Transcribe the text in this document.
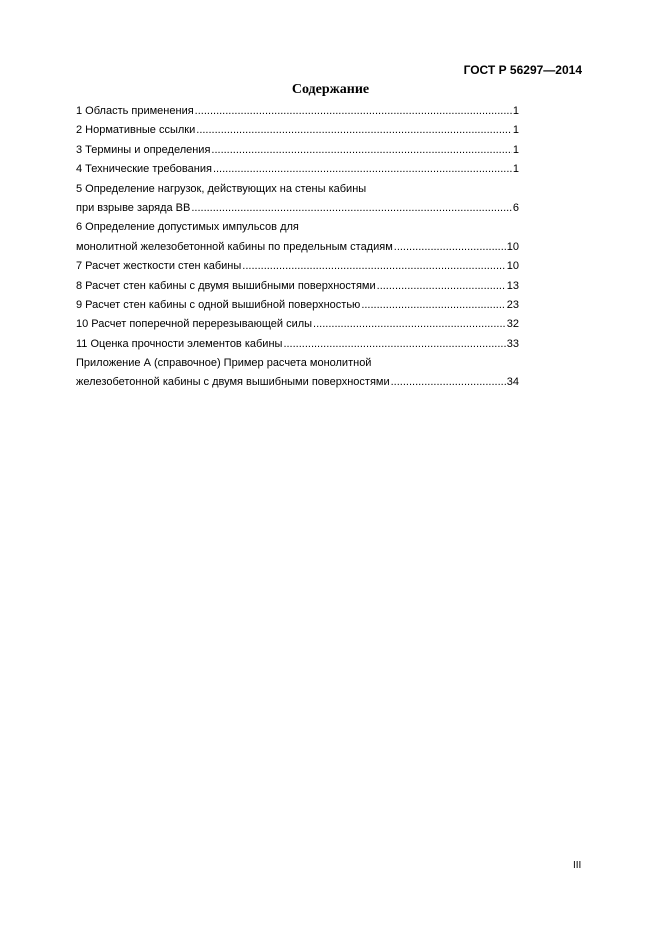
ГОСТ Р 56297—2014
Содержание
1 Область применения .....	1
2 Нормативные ссылки .....	1
3 Термины и определения .....	1
4 Технические требования .....	1
5 Определение нагрузок, действующих на стены кабины
при взрыве заряда ВВ .....	6
6 Определение допустимых импульсов для
монолитной железобетонной кабины по предельным стадиям .....	10
7 Расчет жесткости стен кабины .....	10
8 Расчет стен кабины с двумя вышибными поверхностями .....	13
9 Расчет стен кабины с одной вышибной поверхностью .....	23
10 Расчет поперечной перерезывающей силы .....	32
11 Оценка прочности элементов кабины .....	33
Приложение А (справочное) Пример расчета монолитной
железобетонной кабины с двумя вышибными поверхностями .....	34
III
